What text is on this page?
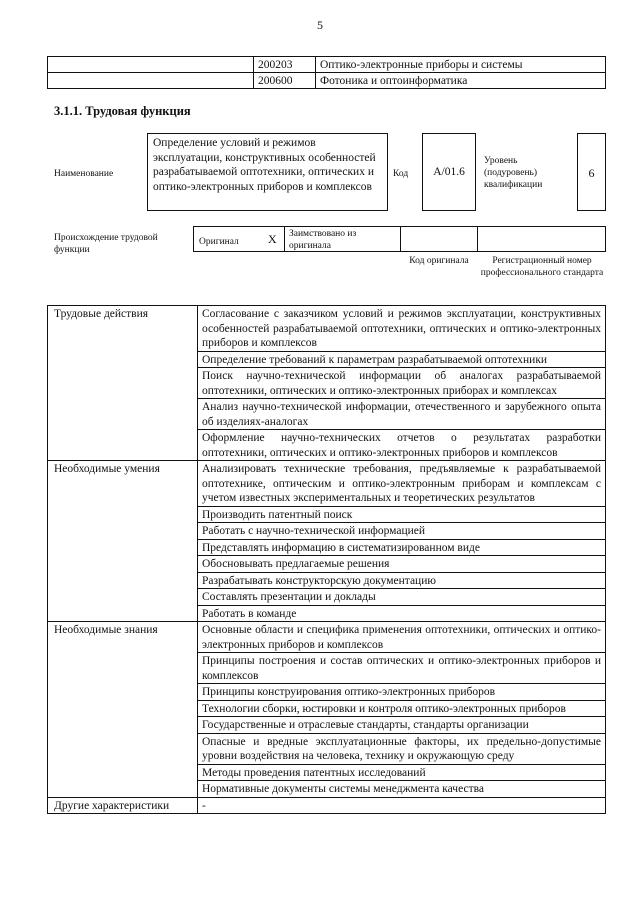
5
	200203	Оптико-электронные приборы и системы
	200600	Фотоника и оптоинформатика
3.1.1. Трудовая функция
Наименование
Определение условий и режимов эксплуатации, конструктивных особенностей разрабатываемой оптотехники, оптических и оптико-электронных приборов и комплексов
Код	А/01.6
Уровень (подуровень) квалификации
6
Происхождение трудовой функции
Оригинал X Заимствовано из оригинала
Код оригинала	Регистрационный номер профессионального стандарта
Трудовые действия	Согласование с заказчиком условий и режимов эксплуатации, конструктивных особенностей разрабатываемой оптотехники, оптических и оптико-электронных приборов и комплексов
	Определение требований к параметрам разрабатываемой оптотехники
	Поиск научно-технической информации об аналогах разрабатываемой оптотехники, оптических и оптико-электронных приборах и комплексах
	Анализ научно-технической информации, отечественного и зарубежного опыта об изделиях-аналогах
	Оформление научно-технических отчетов о результатах разработки оптотехники, оптических и оптико-электронных приборов и комплексов
Необходимые умения	Анализировать технические требования, предъявляемые к разрабатываемой оптотехнике, оптическим и оптико-электронным приборам и комплексам с учетом известных экспериментальных и теоретических результатов
	Производить патентный поиск
	Работать с научно-технической информацией
	Представлять информацию в систематизированном виде
	Обосновывать предлагаемые решения
	Разрабатывать конструкторскую документацию
	Составлять презентации и доклады
	Работать в команде
Необходимые знания	Основные области и специфика применения оптотехники, оптических и оптико-электронных приборов и комплексов
	Принципы построения и состав оптических и оптико-электронных приборов и комплексов
	Принципы конструирования оптико-электронных приборов
	Технологии сборки, юстировки и контроля оптико-электронных приборов
	Государственные и отраслевые стандарты, стандарты организации
	Опасные и вредные эксплуатационные факторы, их предельно-допустимые уровни воздействия на человека, технику и окружающую среду
	Методы проведения патентных исследований
	Нормативные документы системы менеджмента качества
Другие характеристики	-
